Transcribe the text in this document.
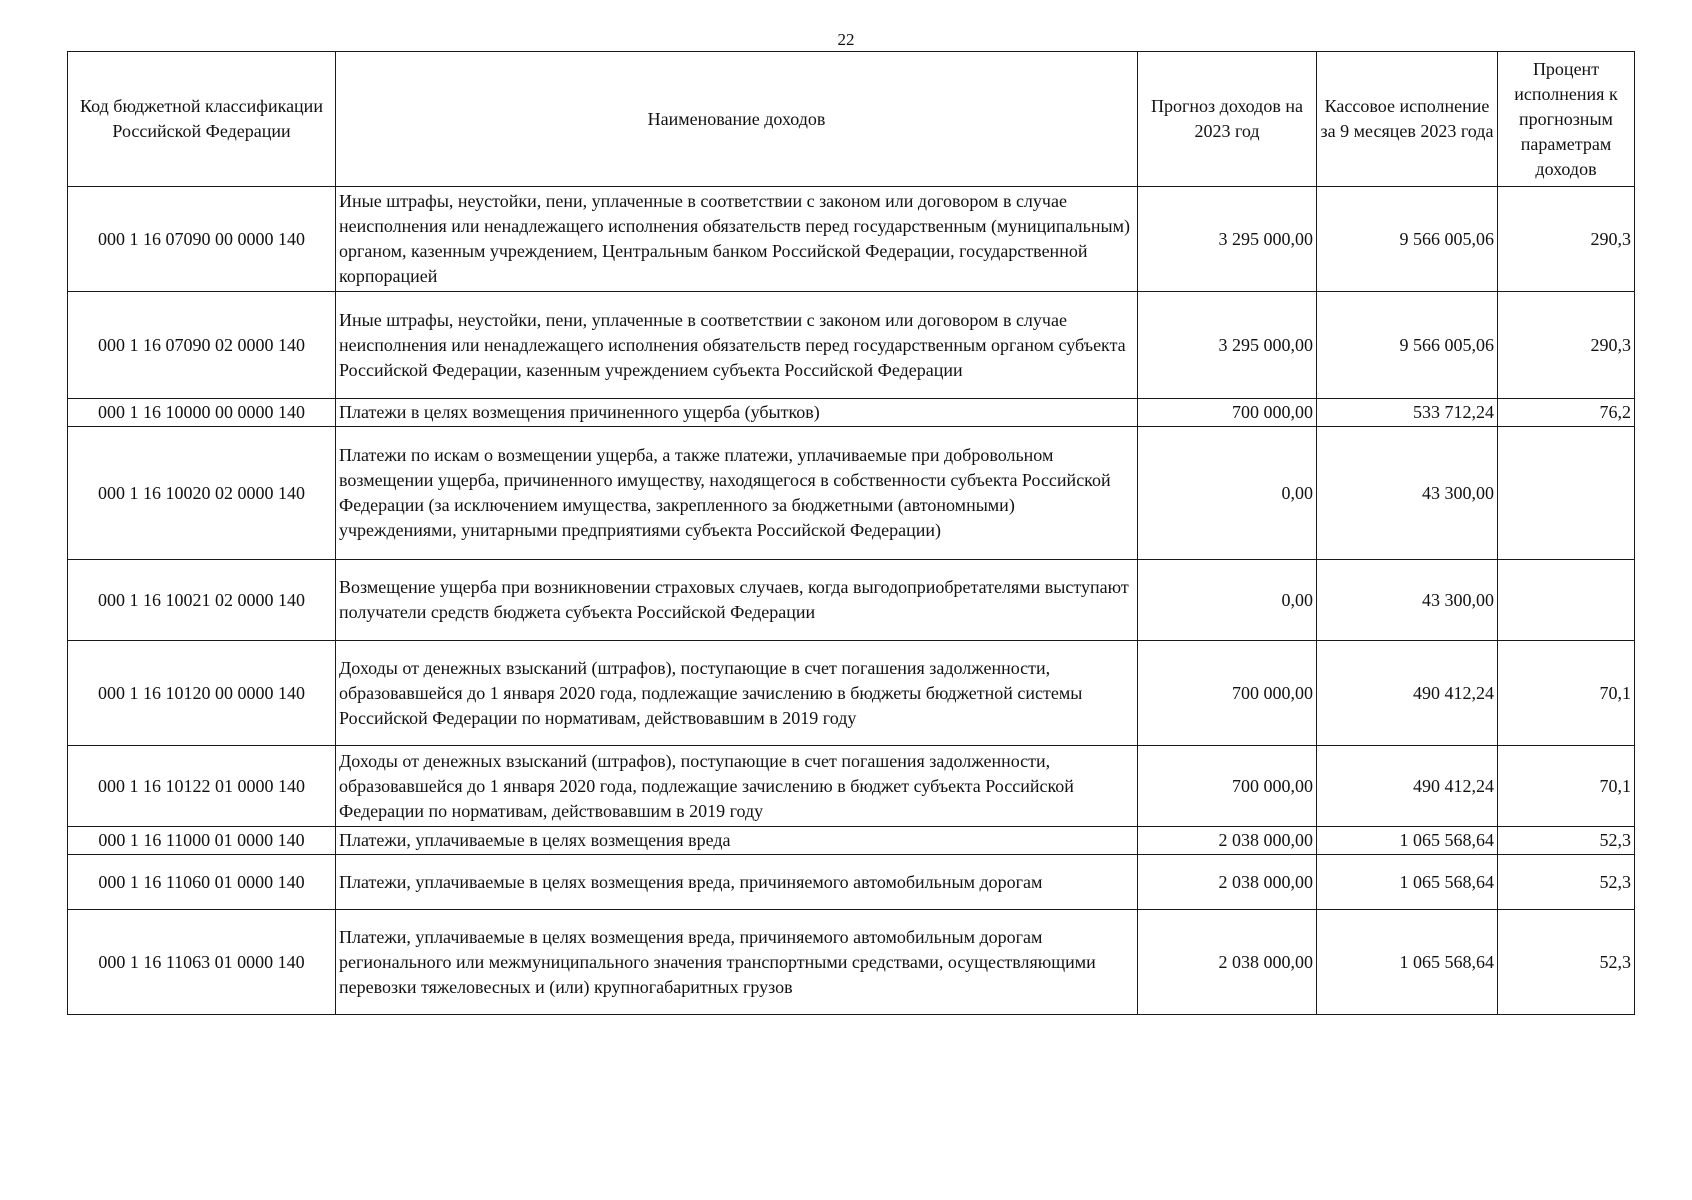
22
Код бюджетной классификации Российской Федерации	Наименование доходов	Прогноз доходов на 2023 год	Кассовое исполнение за 9 месяцев 2023 года	Процент исполнения к прогнозным параметрам доходов
000 1 16 07090 00 0000 140	Иные штрафы, неустойки, пени, уплаченные в соответствии с законом или договором в случае неисполнения или ненадлежащего исполнения обязательств перед государственным (муниципальным) органом, казенным учреждением, Центральным банком Российской Федерации, государственной корпорацией	3 295 000,00	9 566 005,06	290,3
000 1 16 07090 02 0000 140	Иные штрафы, неустойки, пени, уплаченные в соответствии с законом или договором в случае неисполнения или ненадлежащего исполнения обязательств перед государственным органом субъекта Российской Федерации, казенным учреждением субъекта Российской Федерации	3 295 000,00	9 566 005,06	290,3
000 1 16 10000 00 0000 140	Платежи в целях возмещения причиненного ущерба (убытков)	700 000,00	533 712,24	76,2
000 1 16 10020 02 0000 140	Платежи по искам о возмещении ущерба, а также платежи, уплачиваемые при добровольном возмещении ущерба, причиненного имуществу, находящегося в собственности субъекта Российской Федерации (за исключением имущества, закрепленного за бюджетными (автономными) учреждениями, унитарными предприятиями субъекта Российской Федерации)	0,00	43 300,00	
000 1 16 10021 02 0000 140	Возмещение ущерба при возникновении страховых случаев, когда выгодоприобретателями выступают получатели средств бюджета субъекта Российской Федерации	0,00	43 300,00	
000 1 16 10120 00 0000 140	Доходы от денежных взысканий (штрафов), поступающие в счет погашения задолженности, образовавшейся до 1 января 2020 года, подлежащие зачислению в бюджеты бюджетной системы Российской Федерации по нормативам, действовавшим в 2019 году	700 000,00	490 412,24	70,1
000 1 16 10122 01 0000 140	Доходы от денежных взысканий (штрафов), поступающие в счет погашения задолженности, образовавшейся до 1 января 2020 года, подлежащие зачислению в бюджет субъекта Российской Федерации по нормативам, действовавшим в 2019 году	700 000,00	490 412,24	70,1
000 1 16 11000 01 0000 140	Платежи, уплачиваемые в целях возмещения вреда	2 038 000,00	1 065 568,64	52,3
000 1 16 11060 01 0000 140	Платежи, уплачиваемые в целях возмещения вреда, причиняемого автомобильным дорогам	2 038 000,00	1 065 568,64	52,3
000 1 16 11063 01 0000 140	Платежи, уплачиваемые в целях возмещения вреда, причиняемого автомобильным дорогам регионального или межмуниципального значения транспортными средствами, осуществляющими перевозки тяжеловесных и (или) крупногабаритных грузов	2 038 000,00	1 065 568,64	52,3
